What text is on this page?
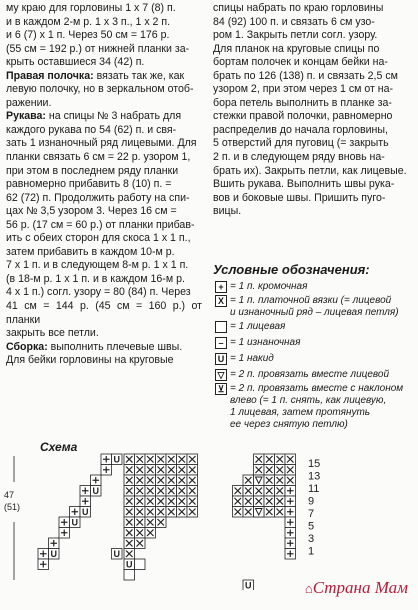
му краю для горловины 1 х 7 (8) п.
и в каждом 2-м р. 1 х 3 п., 1 х 2 п.
и 6 (7) х 1 п. Через 50 см = 176 р.
(55 см = 192 р.) от нижней планки за-
крыть оставшиеся 34 (42) п.

Правая полочка: вязать так же, как
левую полочку, но в зеркальном отоб-
ражении.

Рукава: на спицы № 3 набрать для
каждого рукава по 54 (62) п. и свя-
зать 1 изнаночный ряд лицевыми. Для
планки связать 6 см = 22 р. узором 1,
при этом в последнем ряду планки
равномерно прибавить 8 (10) п. =
62 (72) п. Продолжить работу на спи-
цах № 3,5 узором 3. Через 16 см =
56 р. (17 см = 60 р.) от планки прибав-
ить с обеих сторон для скоса 1 х 1 п.,
затем прибавить в каждом 10-м р.
7 х 1 п. и в следующем 8-м р. 1 х 1 п.
(в 18-м р. 1 х 1 п. и в каждом 16-м р.
4 х 1 п.) согл. узору = 80 (84) п. Через
41 см = 144 р. (45 см = 160 р.) от планки
закрыть все петли.

Сборка: выполнить плечевые швы.
Для бейки горловины на круговые

спицы набрать по краю горловины
84 (92) 100 п. и связать 6 см узо-
ром 1. Закрыть петли согл. узору.
Для планок на круговые спицы по
бортам полочек и концам бейки на-
брать по 126 (138) п. и связать 2,5 см
узором 2, при этом через 1 см от на-
бора петель выполнить в планке за-
стежки правой полочки, равномерно
распределив до начала горловины,
5 отверстий для пуговиц (= закрыть
2 п. и в следующем ряду вновь на-
брать их). Закрыть петли, как лицевые.
Вшить рукава. Выполнить швы рука-
вов и боковые швы. Пришить пуго-
вицы.

Условные обозначения:
+ = 1 п. кромочная
X = 1 п. платочной вязки (= лицевой
и изнаночный ряд – лицевая петля)
= 1 лицевая
– = 1 изнаночная
U = 1 накид
▽ = 2 п. провязать вместе лицевой
⊻ = 2 п. провязать вместе с наклоном
влево (= 1 п. снять, как лицевую,
1 лицевая, затем протянуть
ее через снятую петлю)
U
U
U
U
U	U
U
U
15
13
11
9
7
5
3
1
47
(51)
Схема
⌂Страна Мам
